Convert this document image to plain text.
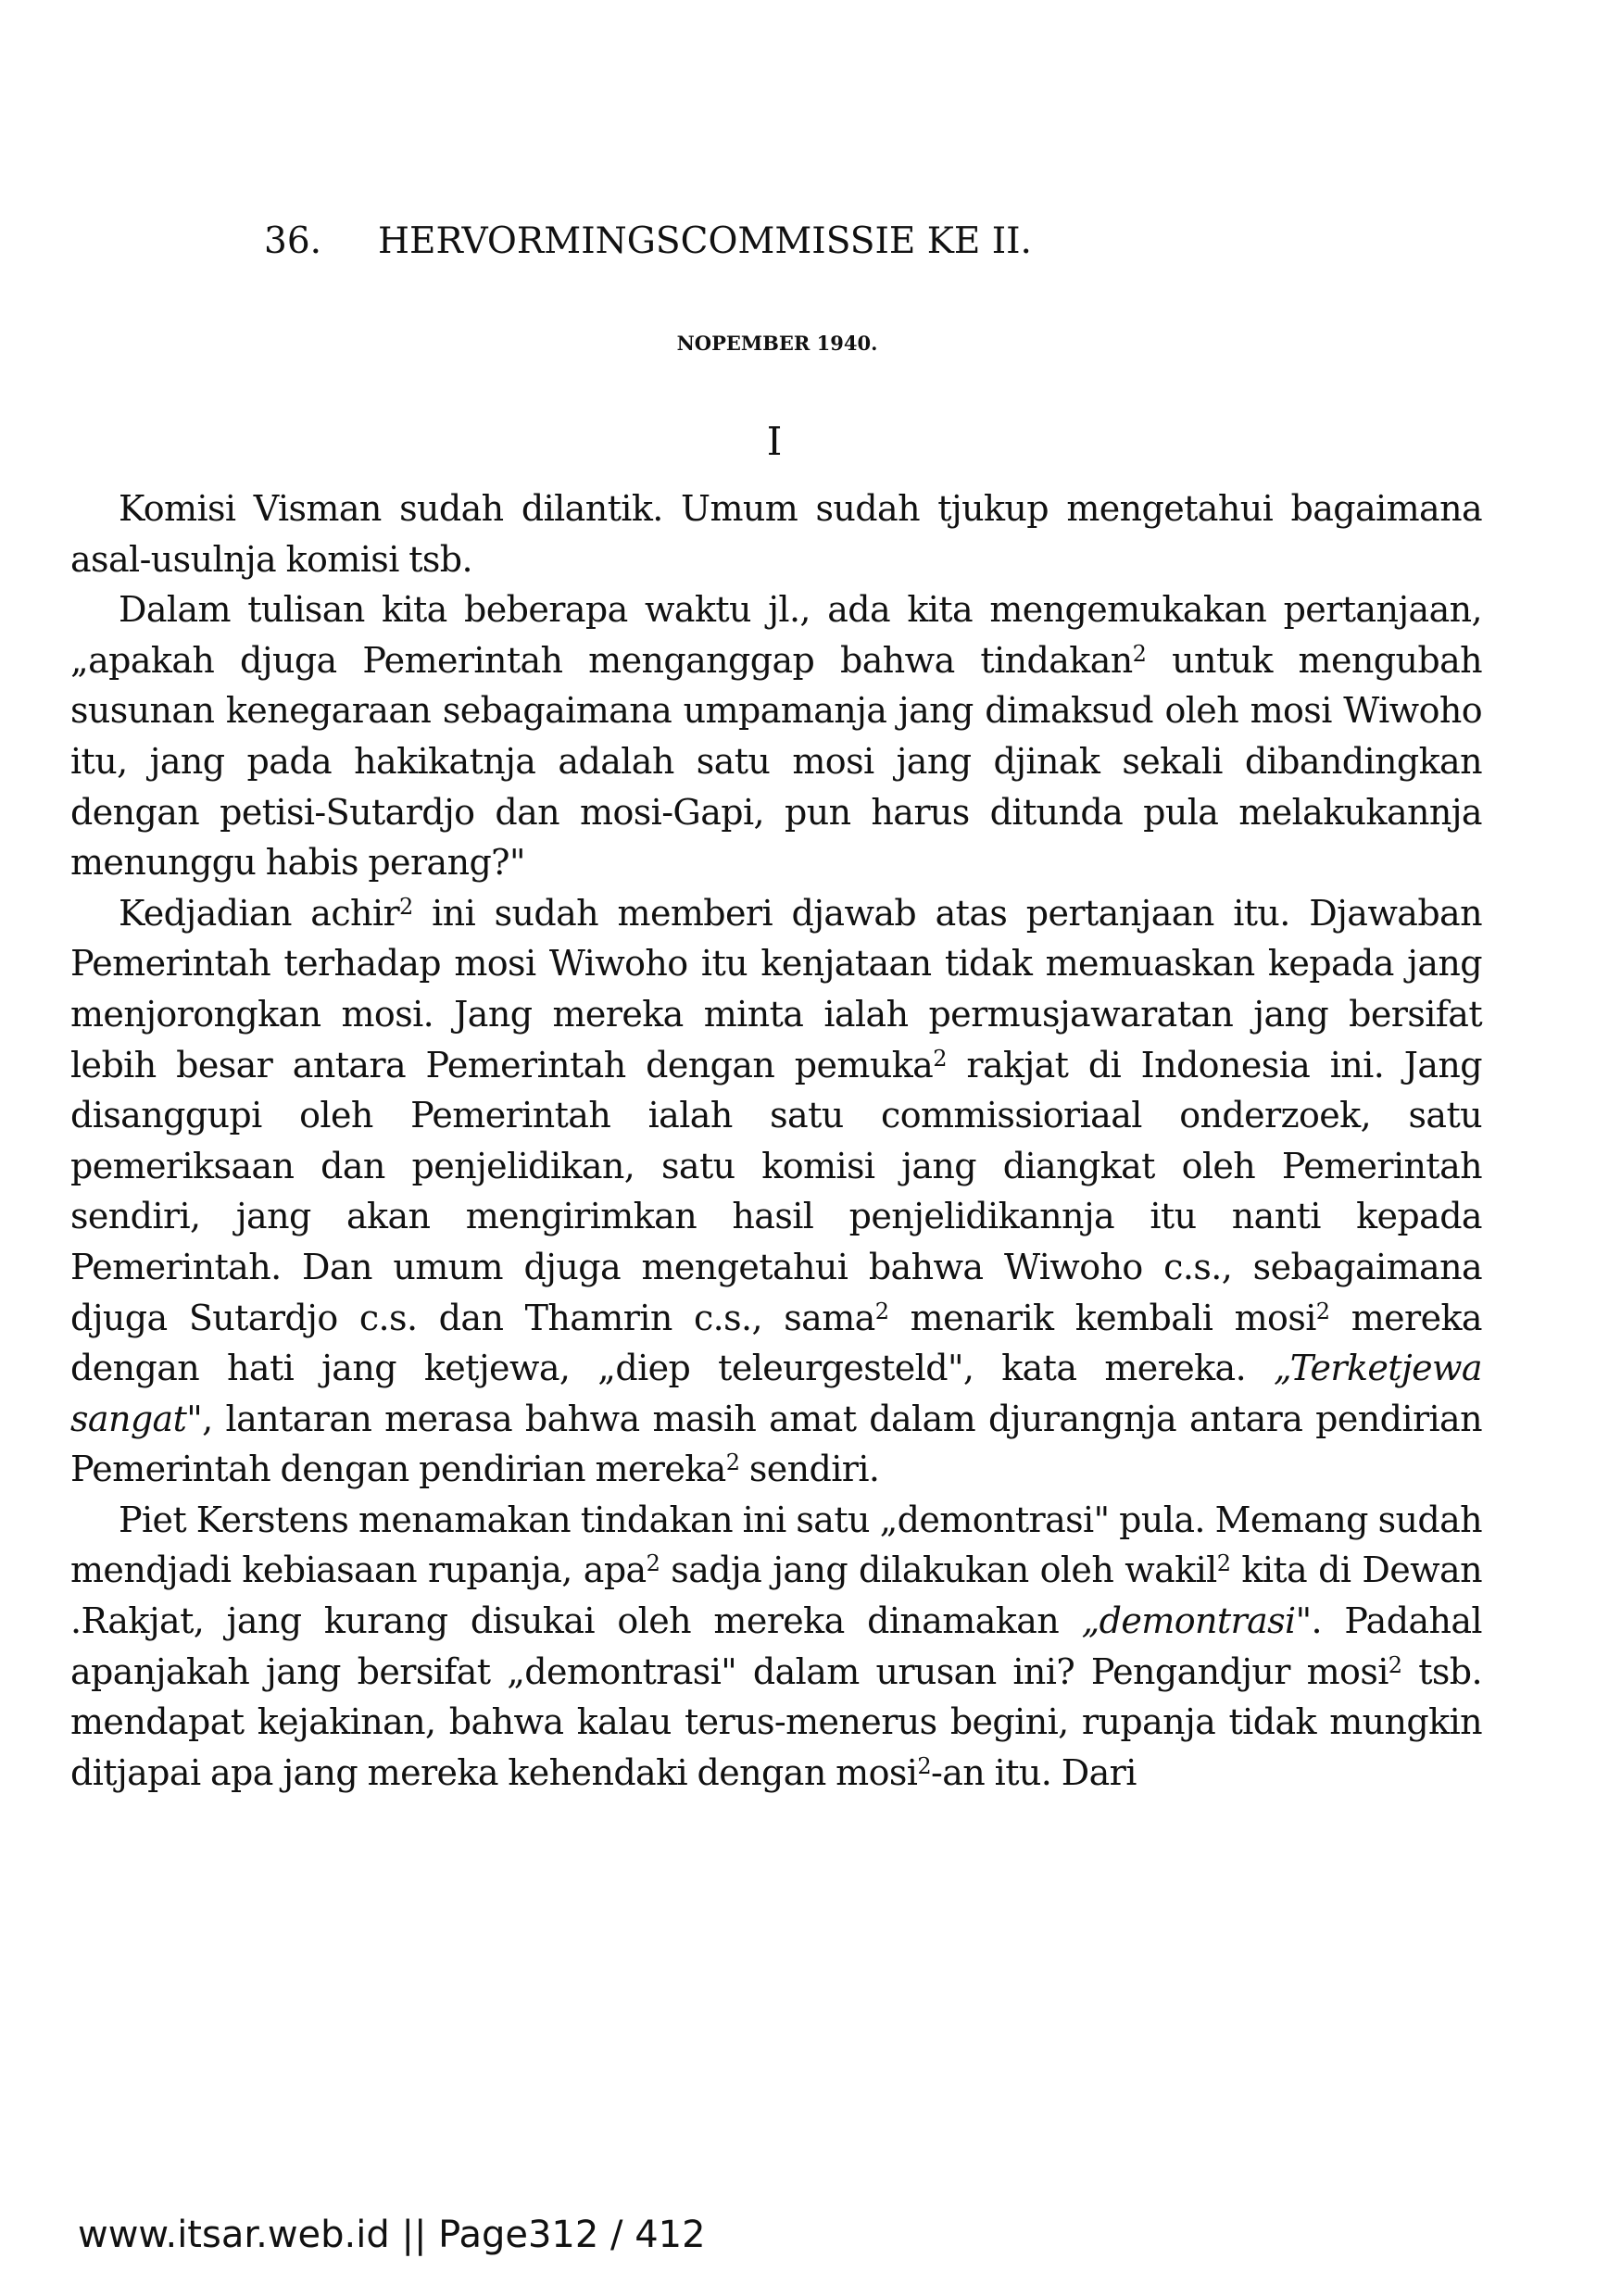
36. HERVORMINGSCOMMISSIE KE II.
NOPEMBER 1940.
I

Komisi Visman sudah dilantik. Umum sudah tjukup mengetahui bagaimana asal-usulnja komisi tsb.

Dalam tulisan kita beberapa waktu jl., ada kita mengemukakan pertanjaan, „apakah djuga Pemerintah menganggap bahwa tindakan$^2$ untuk mengubah susunan kenegaraan sebagaimana umpamanja jang dimaksud oleh mosi Wiwoho itu, jang pada hakikatnja adalah satu mosi jang djinak sekali dibandingkan dengan petisi-Sutardjo dan mosi-Gapi, pun harus ditunda pula melakukannja menunggu habis perang?"

Kedjadian achir$^2$ ini sudah memberi djawab atas pertanjaan itu. Djawaban Pemerintah terhadap mosi Wiwoho itu kenjataan tidak memuaskan kepada jang menjorongkan mosi. Jang mereka minta ialah permusjawaratan jang bersifat lebih besar antara Pemerintah dengan pemuka$^2$ rakjat di Indonesia ini. Jang disanggupi oleh Pemerintah ialah satu commissioriaal onderzoek, satu pemeriksaan dan penjelidikan, satu komisi jang diangkat oleh Pemerintah sendiri, jang akan mengirimkan hasil penjelidikannja itu nanti kepada Pemerintah. Dan umum djuga mengetahui bahwa Wiwoho c.s., sebagaimana djuga Sutardjo c.s. dan Thamrin c.s., sama$^2$ menarik kembali mosi$^2$ mereka dengan hati jang ketjewa, „diep teleurgesteld", kata mereka. „Terketjewa sangat", lantaran merasa bahwa masih amat dalam djurangnja antara pendirian Pemerintah dengan pendirian mereka$^2$ sendiri.

Piet Kerstens menamakan tindakan ini satu „demontrasi" pula. Memang sudah mendjadi kebiasaan rupanja, apa$^2$ sadja jang dilakukan oleh wakil$^2$ kita di Dewan .Rakjat, jang kurang disukai oleh mereka dinamakan „demontrasi". Padahal apanjakah jang bersifat „demontrasi" dalam urusan ini? Pengandjur mosi$^2$ tsb. mendapat kejakinan, bahwa kalau terus-menerus begini, rupanja tidak mungkin ditjapai apa jang mereka kehendaki dengan mosi$^2$-an itu. Dari

www.itsar.web.id || Page312 / 412
